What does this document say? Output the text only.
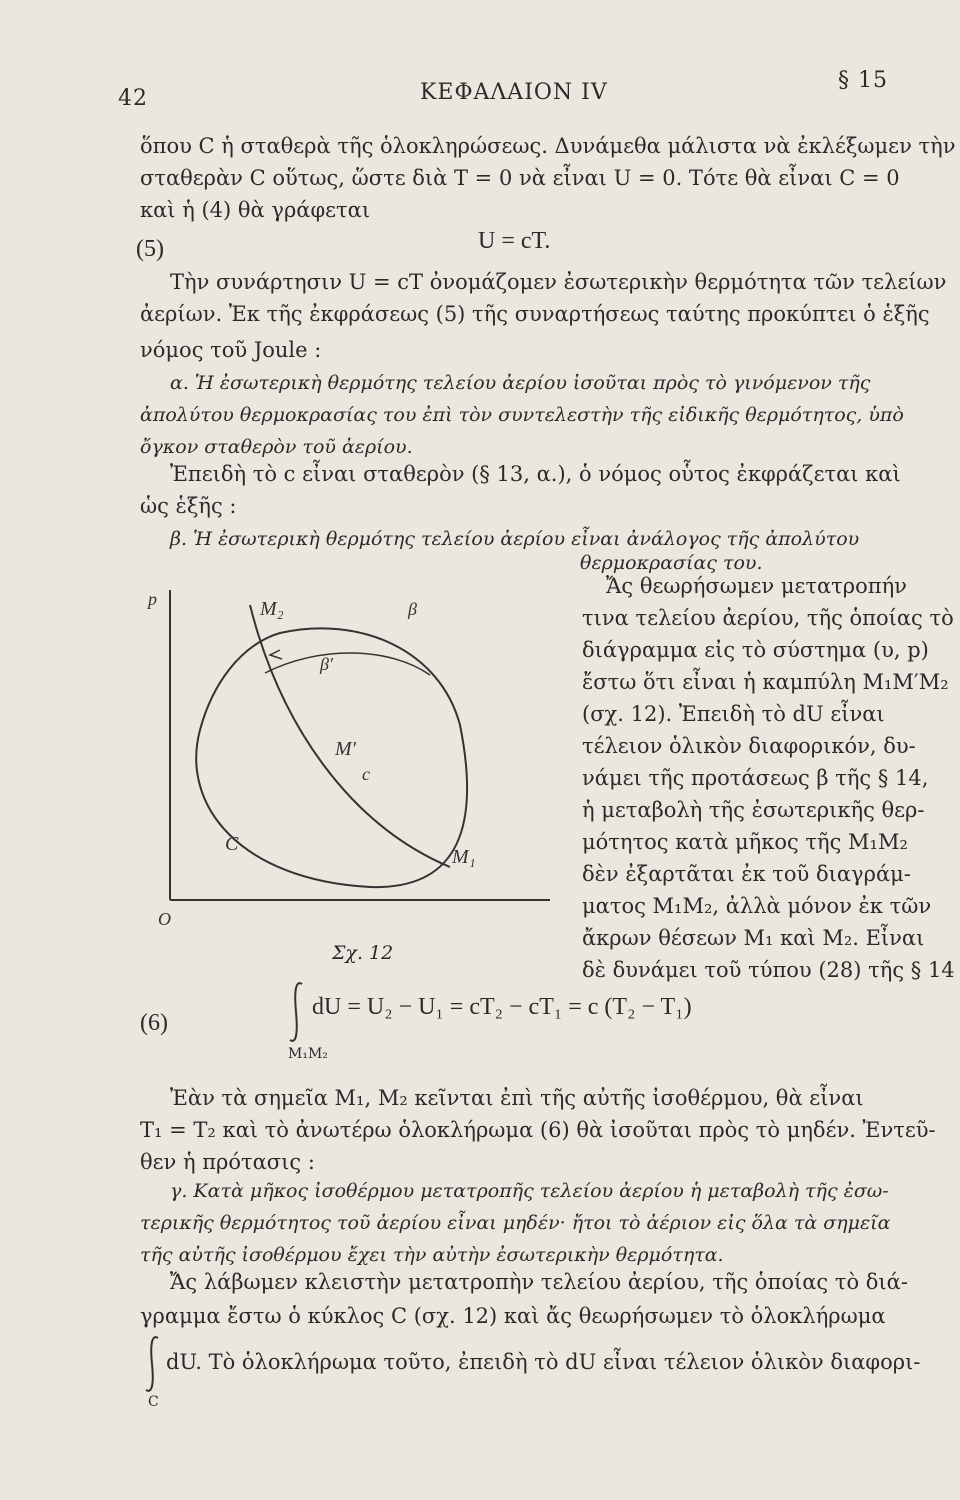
42	ΚΕΦΑΛΑΙΟΝ IV	§ 15
ὅπου C ἡ σταθερὰ τῆς ὁλοκληρώσεως. Δυνάμεθα μάλιστα νὰ ἐκλέξωμεν τὴν
σταθερὰν C οὕτως, ὥστε διὰ T = 0 νὰ εἶναι U = 0. Τότε θὰ εἶναι C = 0
καὶ ἡ (4) θὰ γράφεται
(5)	U = cT.
Τὴν συνάρτησιν U = cT ὀνομάζομεν ἐσωτερικὴν θερμότητα τῶν τελείων
ἀερίων. Ἐκ τῆς ἐκφράσεως (5) τῆς συναρτήσεως ταύτης προκύπτει ὁ ἑξῆς
νόμος τοῦ Joule :
α. Ἡ ἐσωτερικὴ θερμότης τελείου ἀερίου ἰσοῦται πρὸς τὸ γινόμενον τῆς
ἀπολύτου θερμοκρασίας του ἐπὶ τὸν συντελεστὴν τῆς εἰδικῆς θερμότητος, ὑπὸ
ὄγκον σταθερὸν τοῦ ἀερίου.
Ἐπειδὴ τὸ c εἶναι σταθερὸν (§ 13, α.), ὁ νόμος οὗτος ἐκφράζεται καὶ
ὡς ἑξῆς :
β. Ἡ ἐσωτερικὴ θερμότης τελείου ἀερίου εἶναι ἀνάλογος τῆς ἀπολύτου
θερμοκρασίας του.
p
O
M₂	β
β′
M′
c
C
M₁
Σχ. 12
Ἄς θεωρήσωμεν μετατροπήν
τινα τελείου ἀερίου, τῆς ὁποίας τὸ
διάγραμμα εἰς τὸ σύστημα (υ, p)
ἔστω ὅτι εἶναι ἡ καμπύλη M₁M′M₂
(σχ. 12). Ἐπειδὴ τὸ dU εἶναι
τέλειον ὁλικὸν διαφορικόν, δυ-
νάμει τῆς προτάσεως β τῆς § 14,
ἡ μεταβολὴ τῆς ἐσωτερικῆς θερ-
μότητος κατὰ μῆκος τῆς M₁M₂
δὲν ἐξαρτᾶται ἐκ τοῦ διαγράμ-
ματος M₁M₂, ἀλλὰ μόνον ἐκ τῶν
ἄκρων θέσεων M₁ καὶ M₂. Εἶναι
δὲ δυνάμει τοῦ τύπου (28) τῆς § 14
(6)
dU = U₂ − U₁ = cT₂ − cT₁ = c (T₂ − T₁)
M₁M₂
Ἐὰν τὰ σημεῖα M₁, M₂ κεῖνται ἐπὶ τῆς αὐτῆς ἰσοθέρμου, θὰ εἶναι
T₁ = T₂ καὶ τὸ ἀνωτέρω ὁλοκλήρωμα (6) θὰ ἰσοῦται πρὸς τὸ μηδέν. Ἐντεῦ-
θεν ἡ πρότασις :
γ. Κατὰ μῆκος ἰσοθέρμου μετατροπῆς τελείου ἀερίου ἡ μεταβολὴ τῆς ἐσω-
τερικῆς θερμότητος τοῦ ἀερίου εἶναι μηδέν· ἤτοι τὸ ἀέριον εἰς ὅλα τὰ σημεῖα
τῆς αὐτῆς ἰσοθέρμου ἔχει τὴν αὐτὴν ἐσωτερικὴν θερμότητα.
Ἄς λάβωμεν κλειστὴν μετατροπὴν τελείου ἀερίου, τῆς ὁποίας τὸ διά-
γραμμα ἔστω ὁ κύκλος C (σχ. 12) καὶ ἄς θεωρήσωμεν τὸ ὁλοκλήρωμα
dU. Τὸ ὁλοκλήρωμα τοῦτο, ἐπειδὴ τὸ dU εἶναι τέλειον ὁλικὸν διαφορι-
C
